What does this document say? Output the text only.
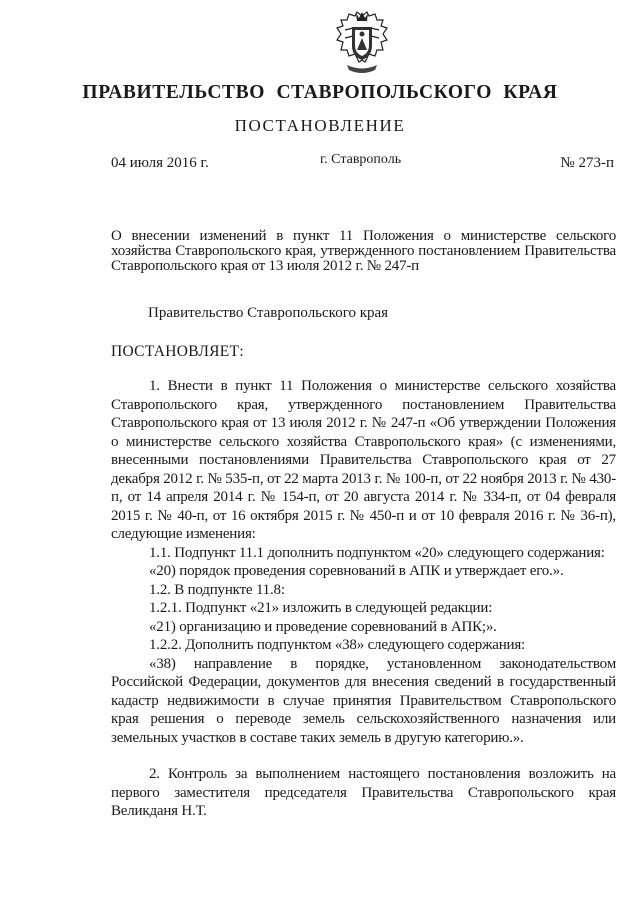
ПРАВИТЕЛЬСТВО СТАВРОПОЛЬСКОГО КРАЯ
ПОСТАНОВЛЕНИЕ
04 июля 2016 г.	г. Ставрополь	№ 273-п
О внесении изменений в пункт 11 Положения о министерстве сельского хозяйства Ставропольского края, утвержденного постановлением Правительства Ставропольского края от 13 июля 2012 г. № 247-п
Правительство Ставропольского края
ПОСТАНОВЛЯЕТ:

1. Внести в пункт 11 Положения о министерстве сельского хозяйства Ставропольского края, утвержденного постановлением Правительства Ставропольского края от 13 июля 2012 г. № 247-п «Об утверждении Положения о министерстве сельского хозяйства Ставропольского края» (с изменениями, внесенными постановлениями Правительства Ставропольского края от 27 декабря 2012 г. № 535-п, от 22 марта 2013 г. № 100-п, от 22 ноября 2013 г. № 430-п, от 14 апреля 2014 г. № 154-п, от 20 августа 2014 г. № 334-п, от 04 февраля 2015 г. № 40-п, от 16 октября 2015 г. № 450-п и от 10 февраля 2016 г. № 36-п), следующие изменения:

1.1. Подпункт 11.1 дополнить подпунктом «20» следующего содержания:

«20) порядок проведения соревнований в АПК и утверждает его.».

1.2. В подпункте 11.8:

1.2.1. Подпункт «21» изложить в следующей редакции:

«21) организацию и проведение соревнований в АПК;».

1.2.2. Дополнить подпунктом «38» следующего содержания:

«38) направление в порядке, установленном законодательством Российской Федерации, документов для внесения сведений в государственный кадастр недвижимости в случае принятия Правительством Ставропольского края решения о переводе земель сельскохозяйственного назначения или земельных участков в составе таких земель в другую категорию.».

2. Контроль за выполнением настоящего постановления возложить на первого заместителя председателя Правительства Ставропольского края Великданя Н.Т.
